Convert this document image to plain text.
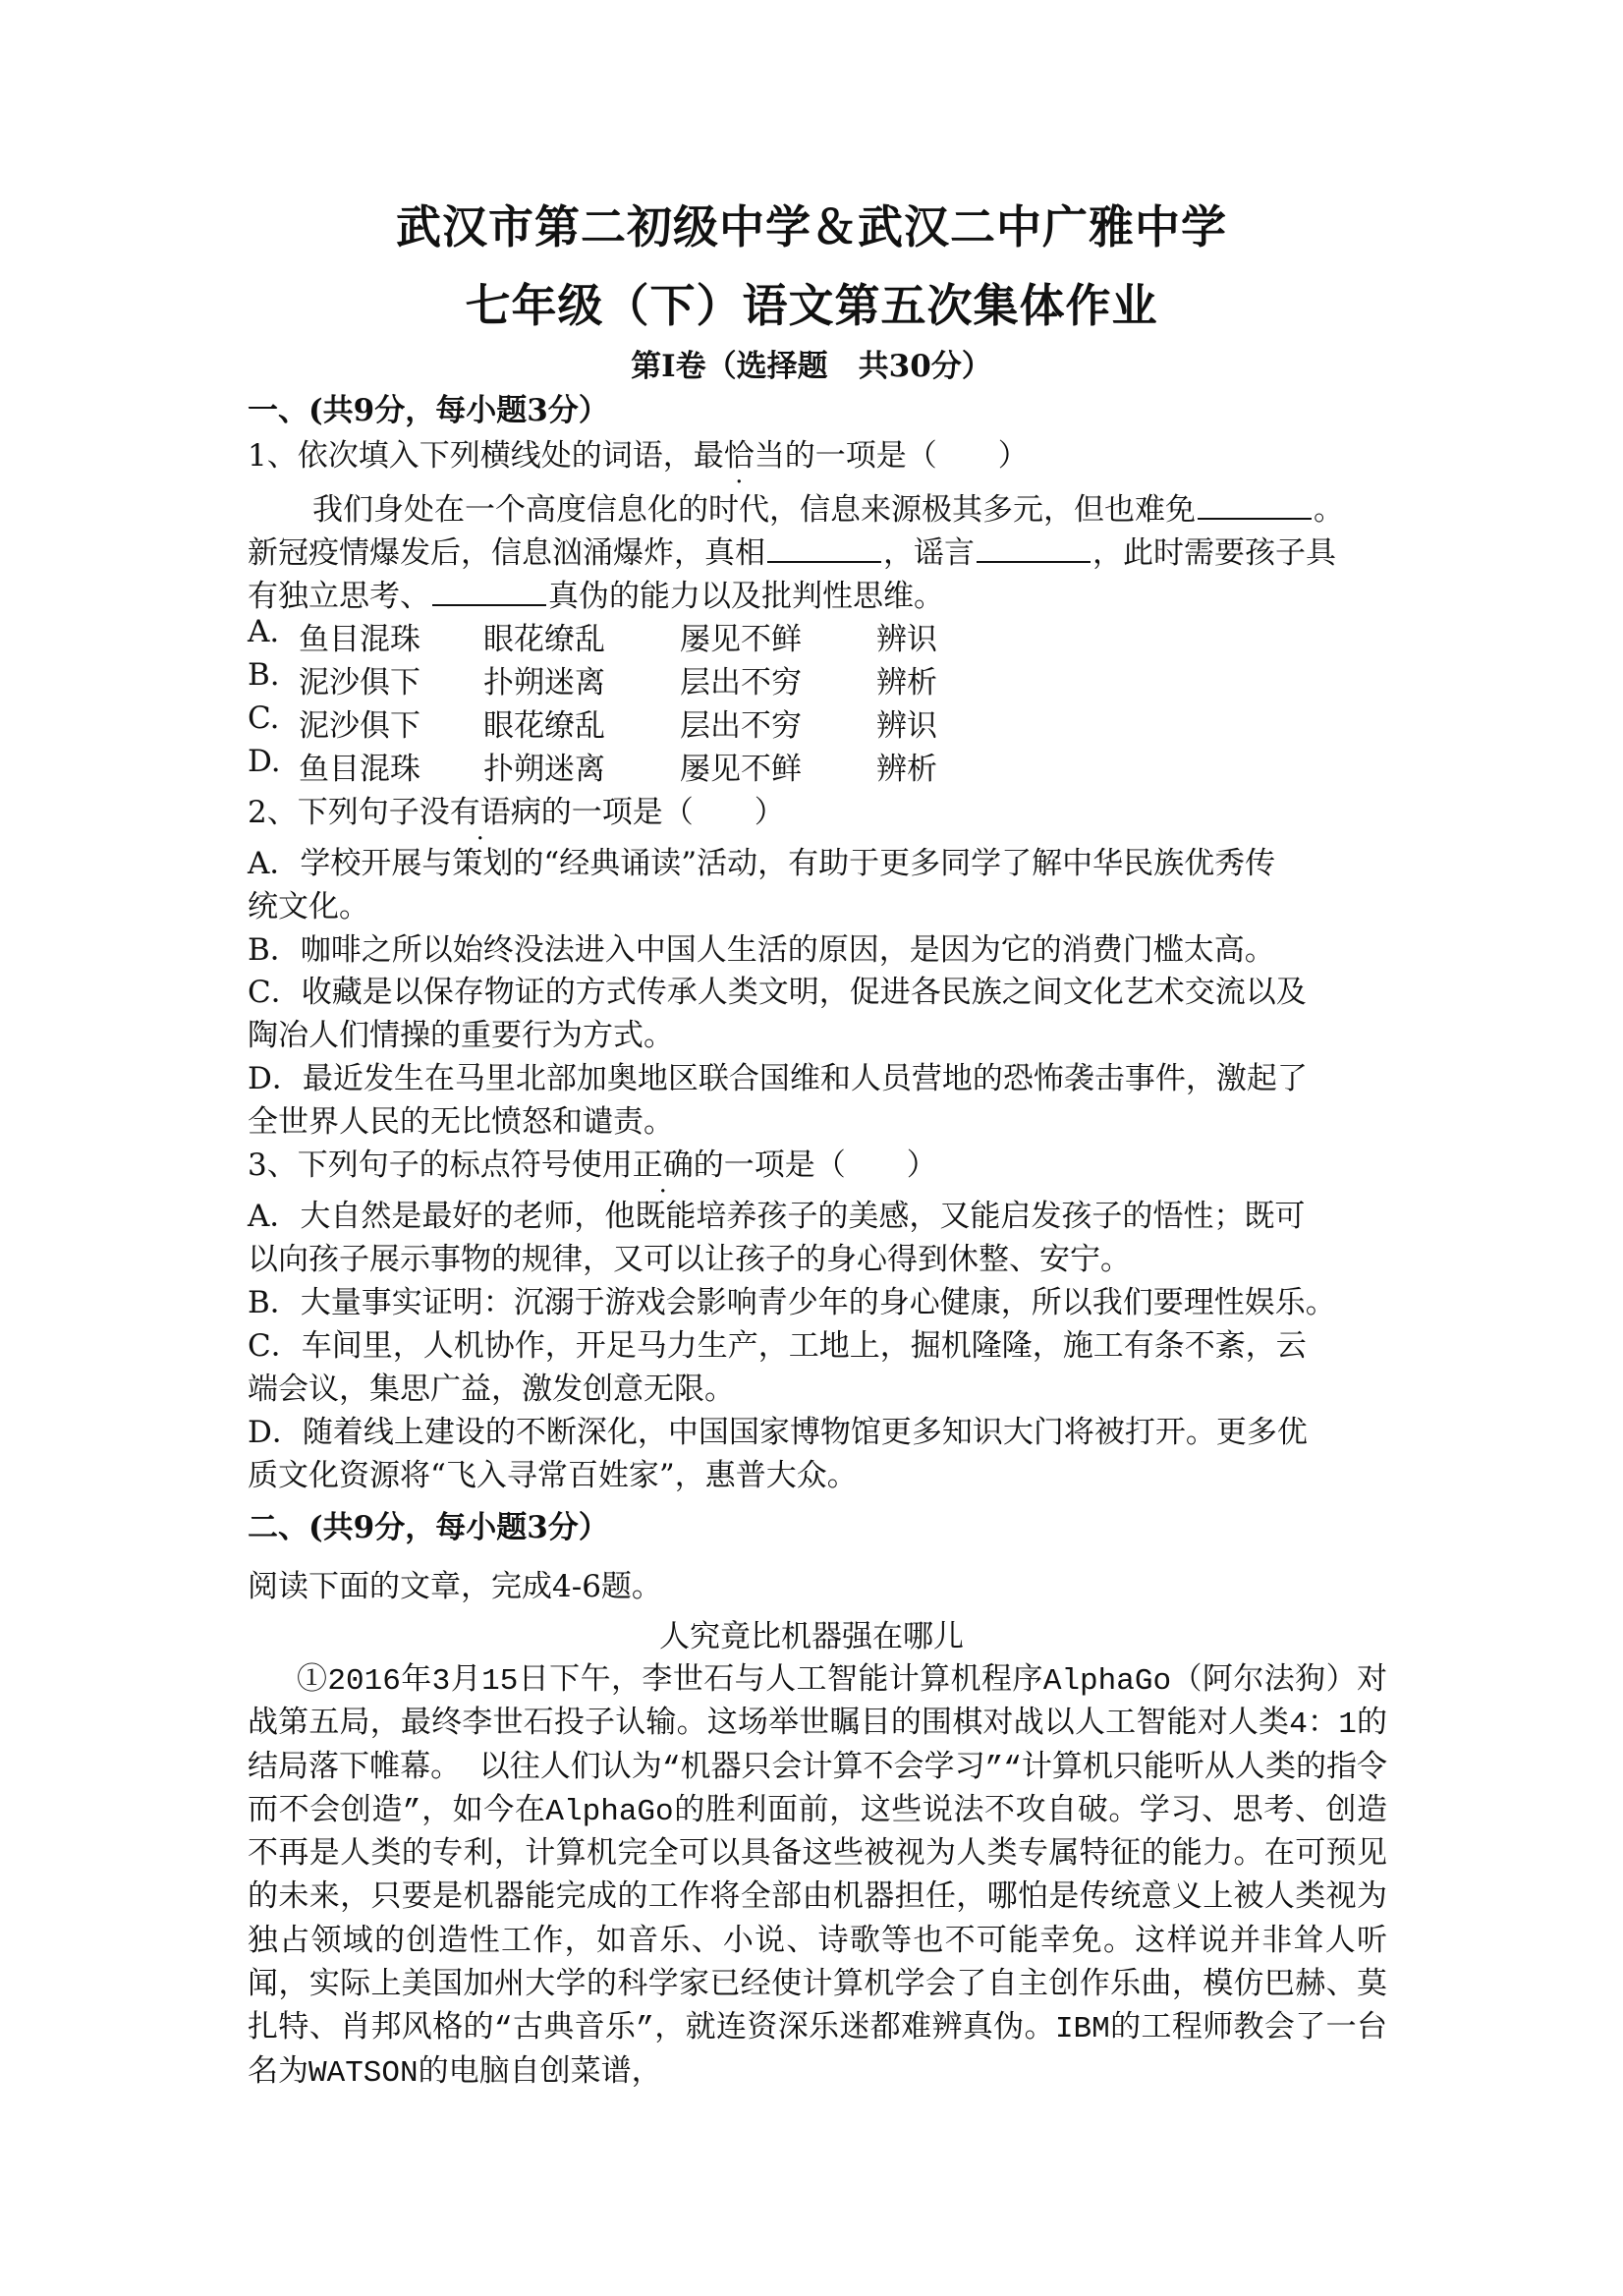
武汉市第二初级中学＆武汉二中广雅中学
七年级（下）语文第五次集体作业
第Ⅰ卷（选择题　共30分）
一、(共9分，每小题3分）
1、依次填入下列横线处的词语，最恰当的一项是（　　）
我们身处在一个高度信息化的时代，信息来源极其多元，但也难免	。
新冠疫情爆发后，信息汹涌爆炸，真相	，谣言	，此时需要孩子具
有独立思考、	真伪的能力以及批判性思维。
A. 鱼目混珠	眼花缭乱	屡见不鲜	辨识
B. 泥沙俱下	扑朔迷离	层出不穷	辨析
C. 泥沙俱下	眼花缭乱	层出不穷	辨识
D. 鱼目混珠	扑朔迷离	屡见不鲜	辨析
2、下列句子没有语病的一项是（　　）
A．学校开展与策划的“经典诵读”活动，有助于更多同学了解中华民族优秀传
统文化。
B．咖啡之所以始终没法进入中国人生活的原因，是因为它的消费门槛太高。
C．收藏是以保存物证的方式传承人类文明，促进各民族之间文化艺术交流以及
陶冶人们情操的重要行为方式。
D．最近发生在马里北部加奥地区联合国维和人员营地的恐怖袭击事件，激起了
全世界人民的无比愤怒和谴责。
3、下列句子的标点符号使用正确的一项是（　　）
A．大自然是最好的老师，他既能培养孩子的美感，又能启发孩子的悟性；既可
以向孩子展示事物的规律，又可以让孩子的身心得到休整、安宁。
B．大量事实证明：沉溺于游戏会影响青少年的身心健康，所以我们要理性娱乐。
C．车间里，人机协作，开足马力生产，工地上，掘机隆隆，施工有条不紊，云
端会议，集思广益，激发创意无限。
D．随着线上建设的不断深化，中国国家博物馆更多知识大门将被打开。更多优
质文化资源将“飞入寻常百姓家”，惠普大众。
二、(共9分，每小题3分）
阅读下面的文章，完成4-6题。
人究竟比机器强在哪儿
①2016年3月15日下午，李世石与人工智能计算机程序AlphaGo（阿尔法狗）对战第五局，最终李世石投子认输。这场举世瞩目的围棋对战以人工智能对人类4：1的结局落下帷幕。 以往人们认为“机器只会计算不会学习”“计算机只能听从人类的指令而不会创造”，如今在AlphaGo的胜利面前，这些说法不攻自破。学习、思考、创造不再是人类的专利，计算机完全可以具备这些被视为人类专属特征的能力。在可预见的未来，只要是机器能完成的工作将全部由机器担任，哪怕是传统意义上被人类视为独占领域的创造性工作，如音乐、小说、诗歌等也不可能幸免。这样说并非耸人听闻，实际上美国加州大学的科学家已经使计算机学会了自主创作乐曲，模仿巴赫、莫扎特、肖邦风格的“古典音乐”，就连资深乐迷都难辨真伪。IBM的工程师教会了一台名为WATSON的电脑自创菜谱，
